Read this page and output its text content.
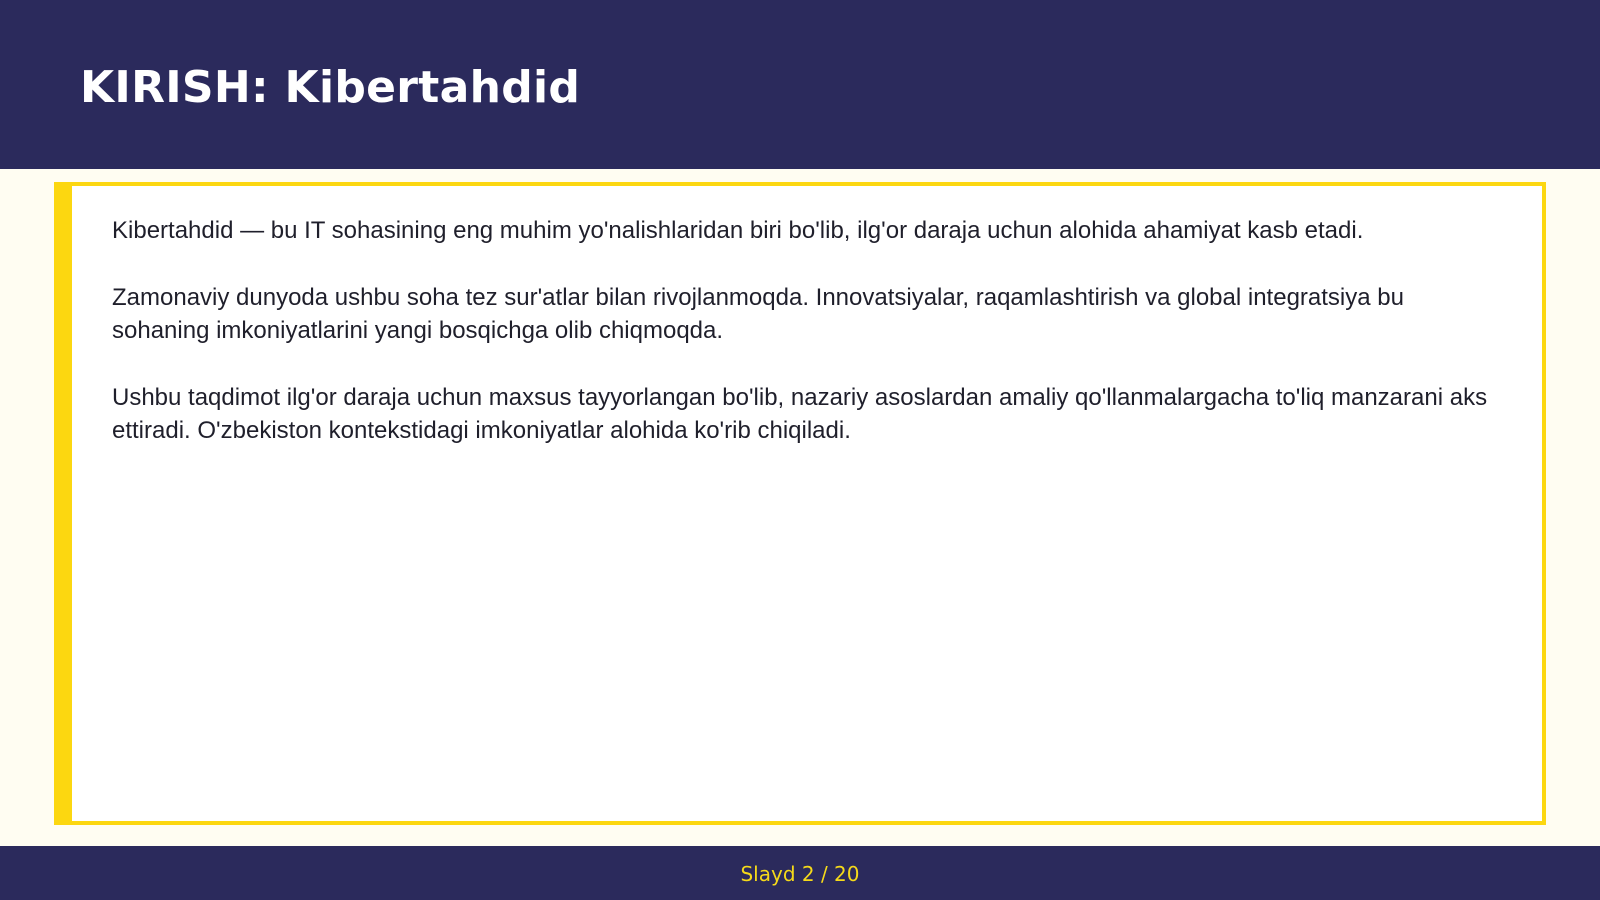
KIRISH: Kibertahdid

Kibertahdid — bu IT sohasining eng muhim yo'nalishlaridan biri bo'lib, ilg'or daraja uchun alohida ahamiyat kasb etadi.

Zamonaviy dunyoda ushbu soha tez sur'atlar bilan rivojlanmoqda. Innovatsiyalar, raqamlashtirish va global integratsiya bu sohaning imkoniyatlarini yangi bosqichga olib chiqmoqda.

Ushbu taqdimot ilg'or daraja uchun maxsus tayyorlangan bo'lib, nazariy asoslardan amaliy qo'llanmalargacha to'liq manzarani aks ettiradi. O'zbekiston kontekstidagi imkoniyatlar alohida ko'rib chiqiladi.

Slayd 2 / 20
